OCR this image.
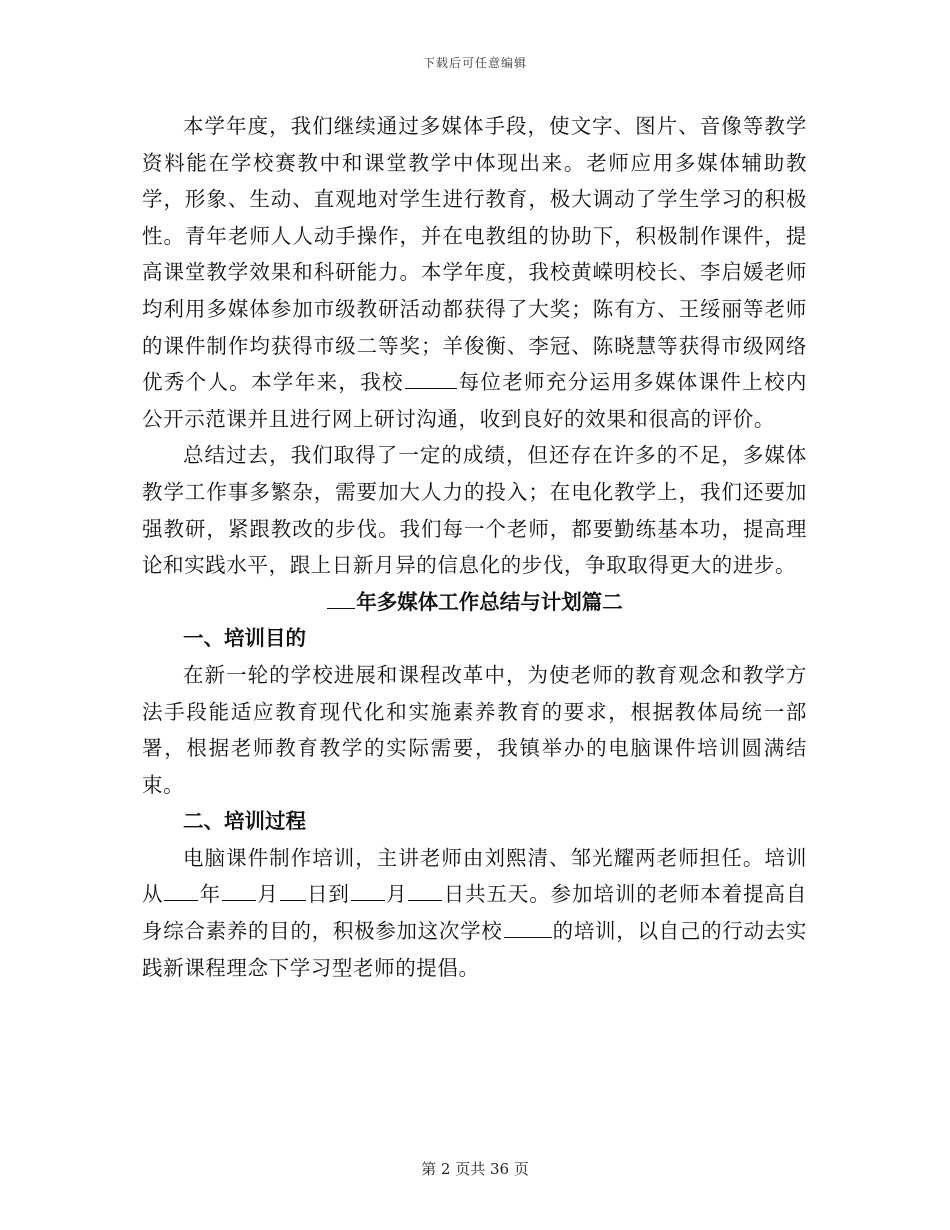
下载后可任意编辑

本学年度，我们继续通过多媒体手段，使文字、图片、音像等教学资料能在学校赛教中和课堂教学中体现出来。老师应用多媒体辅助教学，形象、生动、直观地对学生进行教育，极大调动了学生学习的积极性。青年老师人人动手操作，并在电教组的协助下，积极制作课件，提高课堂教学效果和科研能力。本学年度，我校黄嵘明校长、李启媛老师均利用多媒体参加市级教研活动都获得了大奖；陈有方、王绥丽等老师的课件制作均获得市级二等奖；羊俊衡、李冠、陈晓慧等获得市级网络优秀个人。本学年来，我校	每位老师充分运用多媒体课件上校内公开示范课并且进行网上研讨沟通，收到良好的效果和很高的评价。

总结过去，我们取得了一定的成绩，但还存在许多的不足，多媒体教学工作事多繁杂，需要加大人力的投入；在电化教学上，我们还要加强教研，紧跟教改的步伐。我们每一个老师，都要勤练基本功，提高理论和实践水平，跟上日新月异的信息化的步伐，争取取得更大的进步。

年多媒体工作总结与计划篇二
一、培训目的

在新一轮的学校进展和课程改革中，为使老师的教育观念和教学方法手段能适应教育现代化和实施素养教育的要求，根据教体局统一部署，根据老师教育教学的实际需要，我镇举办的电脑课件培训圆满结束。

二、培训过程

电脑课件制作培训，主讲老师由刘熙清、邹光耀两老师担任。培训从 年 月 日到 月 日共五天。参加培训的老师本着提高自身综合素养的目的，积极参加这次学校 的培训，以自己的行动去实践新课程理念下学习型老师的提倡。

第 2 页共 36 页
